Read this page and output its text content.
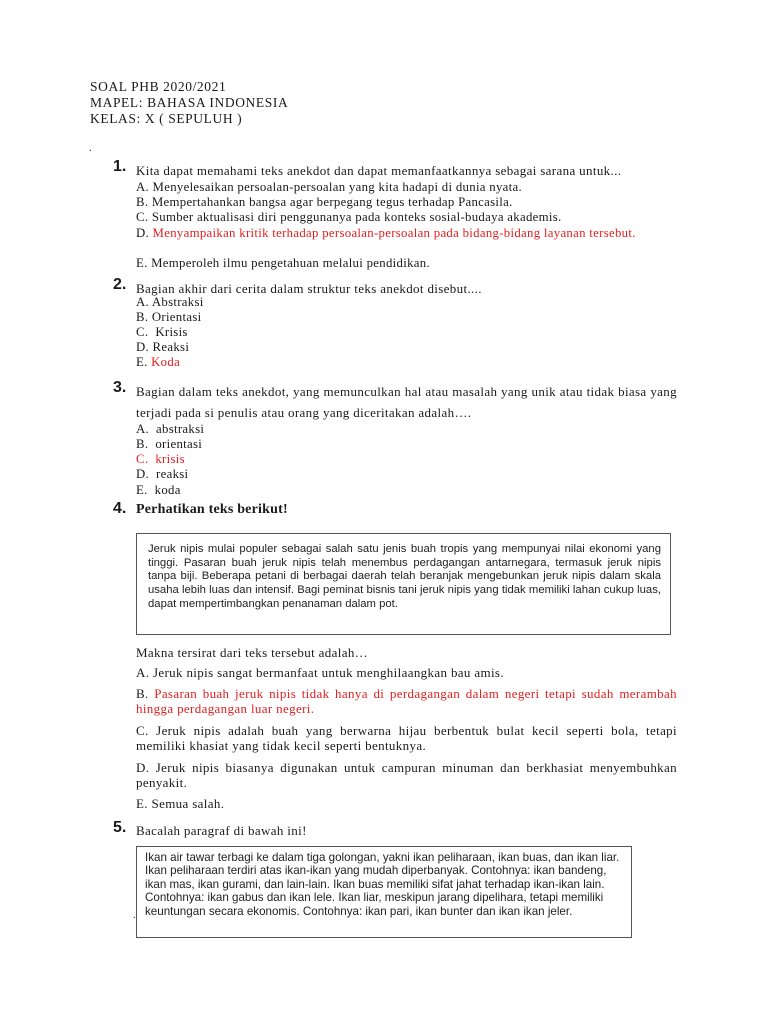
SOAL PHB 2020/2021
MAPEL: BAHASA INDONESIA
KELAS: X ( SEPULUH )
.
1. Kita dapat memahami teks anekdot dan dapat memanfaatkannya sebagai sarana untuk...
A. Menyelesaikan persoalan-persoalan yang kita hadapi di dunia nyata.
B. Mempertahankan bangsa agar berpegang tegus terhadap Pancasila.
C. Sumber aktualisasi diri penggunanya pada konteks sosial-budaya akademis.
D. Menyampaikan kritik terhadap persoalan-persoalan pada bidang-bidang layanan tersebut.
E. Memperoleh ilmu pengetahuan melalui pendidikan.
2. Bagian akhir dari cerita dalam struktur teks anekdot disebut....
A. Abstraksi
B. Orientasi
C. Krisis
D. Reaksi
E. Koda
3. Bagian dalam teks anekdot, yang memunculkan hal atau masalah yang unik atau tidak biasa yang terjadi pada si penulis atau orang yang diceritakan adalah….
A. abstraksi
B. orientasi
C. krisis
D. reaksi
E. koda
4. Perhatikan teks berikut!
Jeruk nipis mulai populer sebagai salah satu jenis buah tropis yang mempunyai nilai ekonomi yang tinggi. Pasaran buah jeruk nipis telah menembus perdagangan antarnegara, termasuk jeruk nipis tanpa biji. Beberapa petani di berbagai daerah telah beranjak mengebunkan jeruk nipis dalam skala usaha lebih luas dan intensif. Bagi peminat bisnis tani jeruk nipis yang tidak memiliki lahan cukup luas, dapat mempertimbangkan penanaman dalam pot.
Makna tersirat dari teks tersebut adalah…
A. Jeruk nipis sangat bermanfaat untuk menghilaangkan bau amis.
B. Pasaran buah jeruk nipis tidak hanya di perdagangan dalam negeri tetapi sudah merambah hingga perdagangan luar negeri.
C. Jeruk nipis adalah buah yang berwarna hijau berbentuk bulat kecil seperti bola, tetapi memiliki khasiat yang tidak kecil seperti bentuknya.
D. Jeruk nipis biasanya digunakan untuk campuran minuman dan berkhasiat menyembuhkan penyakit.
E. Semua salah.
5. Bacalah paragraf di bawah ini!
.
Ikan air tawar terbagi ke dalam tiga golongan, yakni ikan peliharaan, ikan buas, dan ikan liar. Ikan peliharaan terdiri atas ikan-ikan yang mudah diperbanyak. Contohnya: ikan bandeng, ikan mas, ikan gurami, dan lain-lain. Ikan buas memiliki sifat jahat terhadap ikan-ikan lain. Contohnya: ikan gabus dan ikan lele. Ikan liar, meskipun jarang dipelihara, tetapi memiliki keuntungan secara ekonomis. Contohnya: ikan pari, ikan bunter dan ikan ikan jeler.
